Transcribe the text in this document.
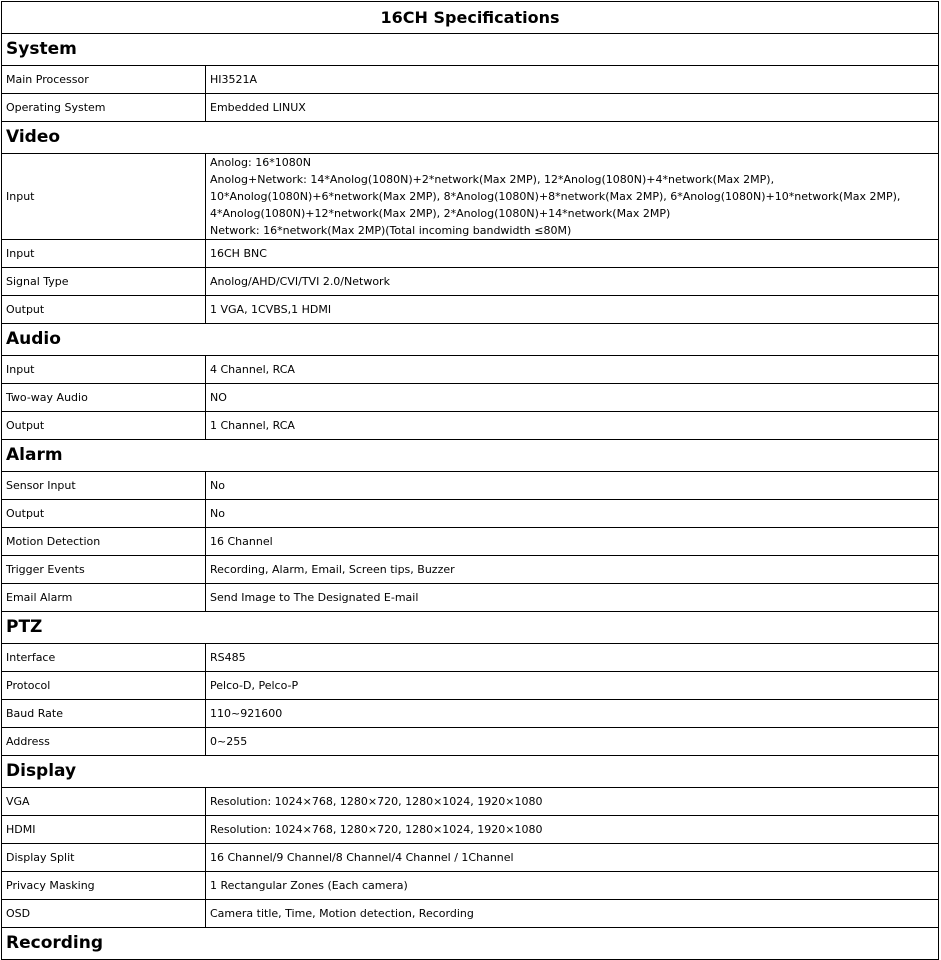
16CH Specifications	
System	
Main Processor	HI3521A

Operating System	Embedded LINUX

Video	
Input	Anolog: 16*1080N
Anolog+Network: 14*Anolog(1080N)+2*network(Max 2MP), 12*Anolog(1080N)+4*network(Max 2MP),
10*Anolog(1080N)+6*network(Max 2MP), 8*Anolog(1080N)+8*network(Max 2MP), 6*Anolog(1080N)+10*network(Max 2MP),
4*Anolog(1080N)+12*network(Max 2MP), 2*Anolog(1080N)+14*network(Max 2MP)
Network: 16*network(Max 2MP)(Total incoming bandwidth ≤80M)

Input	16CH BNC

Signal Type	Anolog/AHD/CVI/TVI 2.0/Network

Output	1 VGA, 1CVBS,1 HDMI

Audio	
Input	4 Channel, RCA

Two-way Audio	NO

Output	1 Channel, RCA

Alarm	
Sensor Input	No

Output	No

Motion Detection	16 Channel

Trigger Events	Recording, Alarm, Email, Screen tips, Buzzer

Email Alarm	Send Image to The Designated E-mail

PTZ	
Interface	RS485

Protocol	Pelco-D, Pelco-P

Baud Rate	110~921600

Address	0~255

Display	
VGA	Resolution: 1024×768, 1280×720, 1280×1024, 1920×1080

HDMI	Resolution: 1024×768, 1280×720, 1280×1024, 1920×1080

Display Split	16 Channel/9 Channel/8 Channel/4 Channel / 1Channel

Privacy Masking	1 Rectangular Zones (Each camera)

OSD	Camera title, Time, Motion detection, Recording

Recording	
